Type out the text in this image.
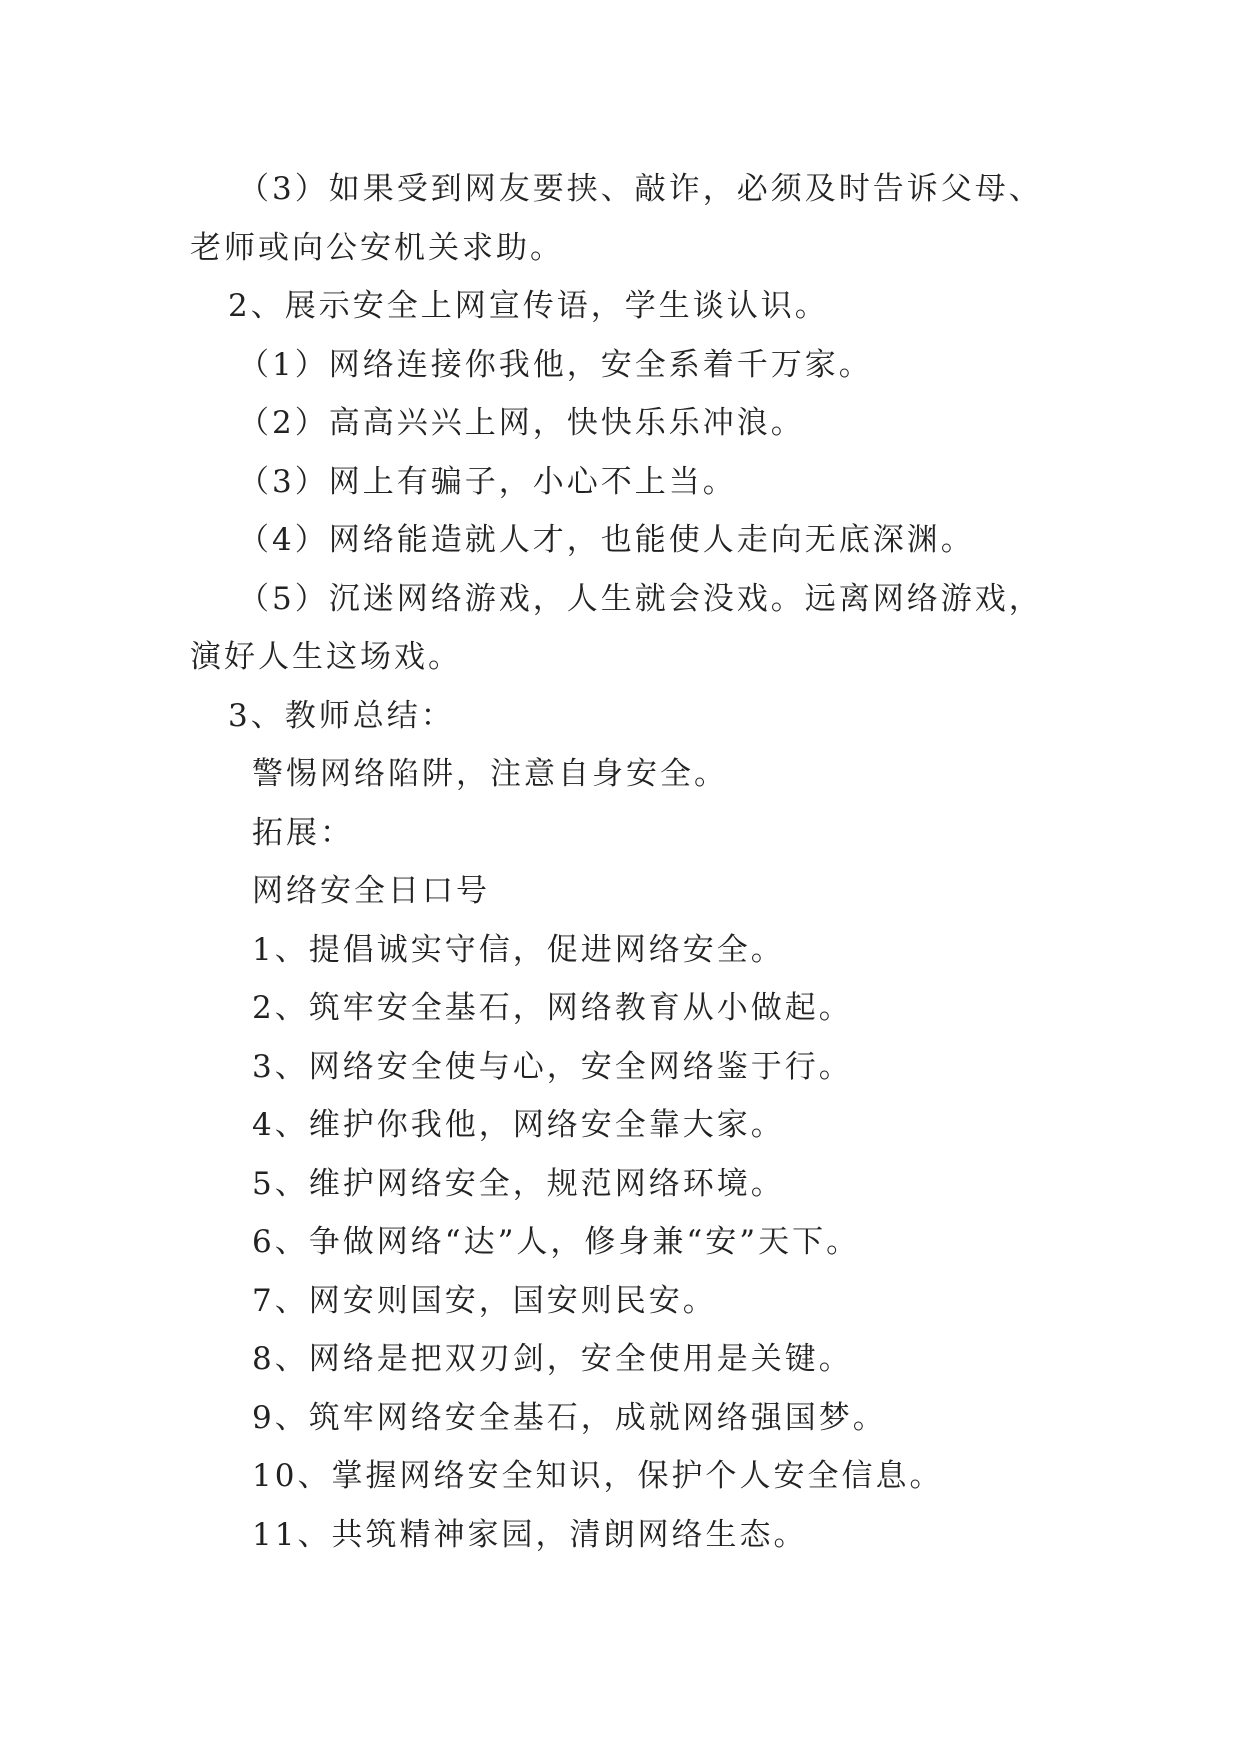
（3）如果受到网友要挟、敲诈，必须及时告诉父母、老师或向公安机关求助。

2、展示安全上网宣传语，学生谈认识。

（1）网络连接你我他，安全系着千万家。

（2）高高兴兴上网，快快乐乐冲浪。

（3）网上有骗子，小心不上当。

（4）网络能造就人才，也能使人走向无底深渊。

（5）沉迷网络游戏，人生就会没戏。远离网络游戏，演好人生这场戏。

3、教师总结：

警惕网络陷阱，注意自身安全。

拓展：

网络安全日口号

1、提倡诚实守信，促进网络安全。

2、筑牢安全基石，网络教育从小做起。

3、网络安全使与心，安全网络鉴于行。

4、维护你我他，网络安全靠大家。

5、维护网络安全，规范网络环境。

6、争做网络“达”人，修身兼“安”天下。

7、网安则国安，国安则民安。

8、网络是把双刃剑，安全使用是关键。

9、筑牢网络安全基石，成就网络强国梦。

10、掌握网络安全知识，保护个人安全信息。

11、共筑精神家园，清朗网络生态。
